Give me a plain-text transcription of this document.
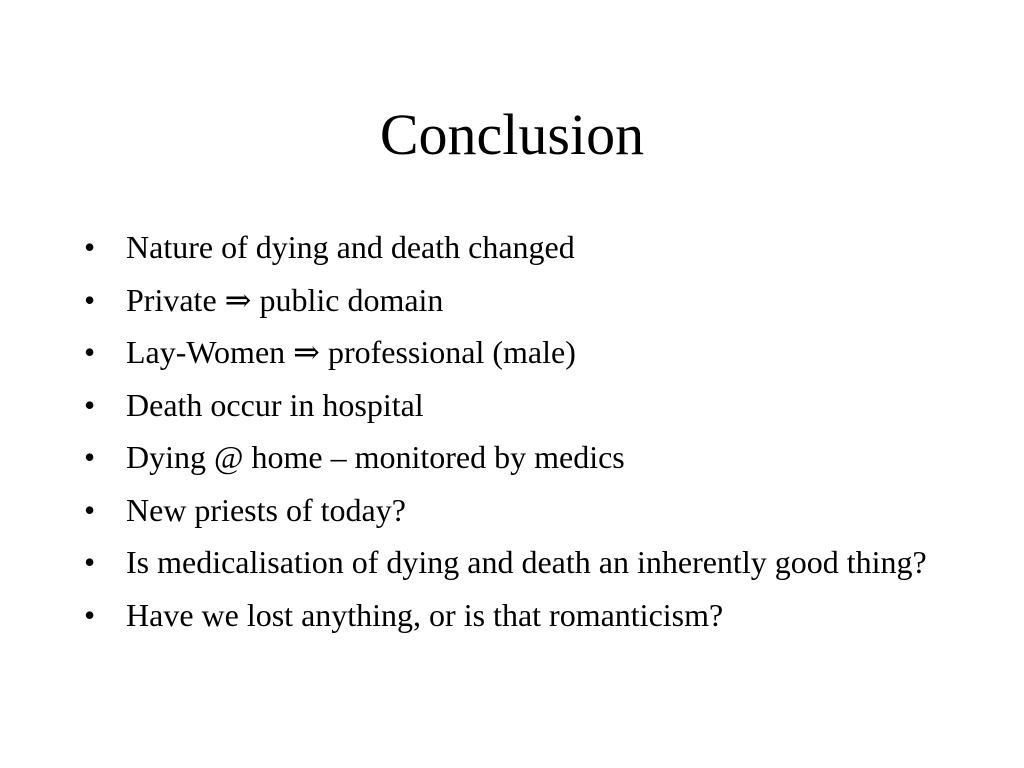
Conclusion
• Nature of dying and death changed
• Private ⇒ public domain
• Lay-Women ⇒ professional (male)
• Death occur in hospital
• Dying @ home – monitored by medics
• New priests of today?
• Is medicalisation of dying and death an inherently good thing?
• Have we lost anything, or is that romanticism?
